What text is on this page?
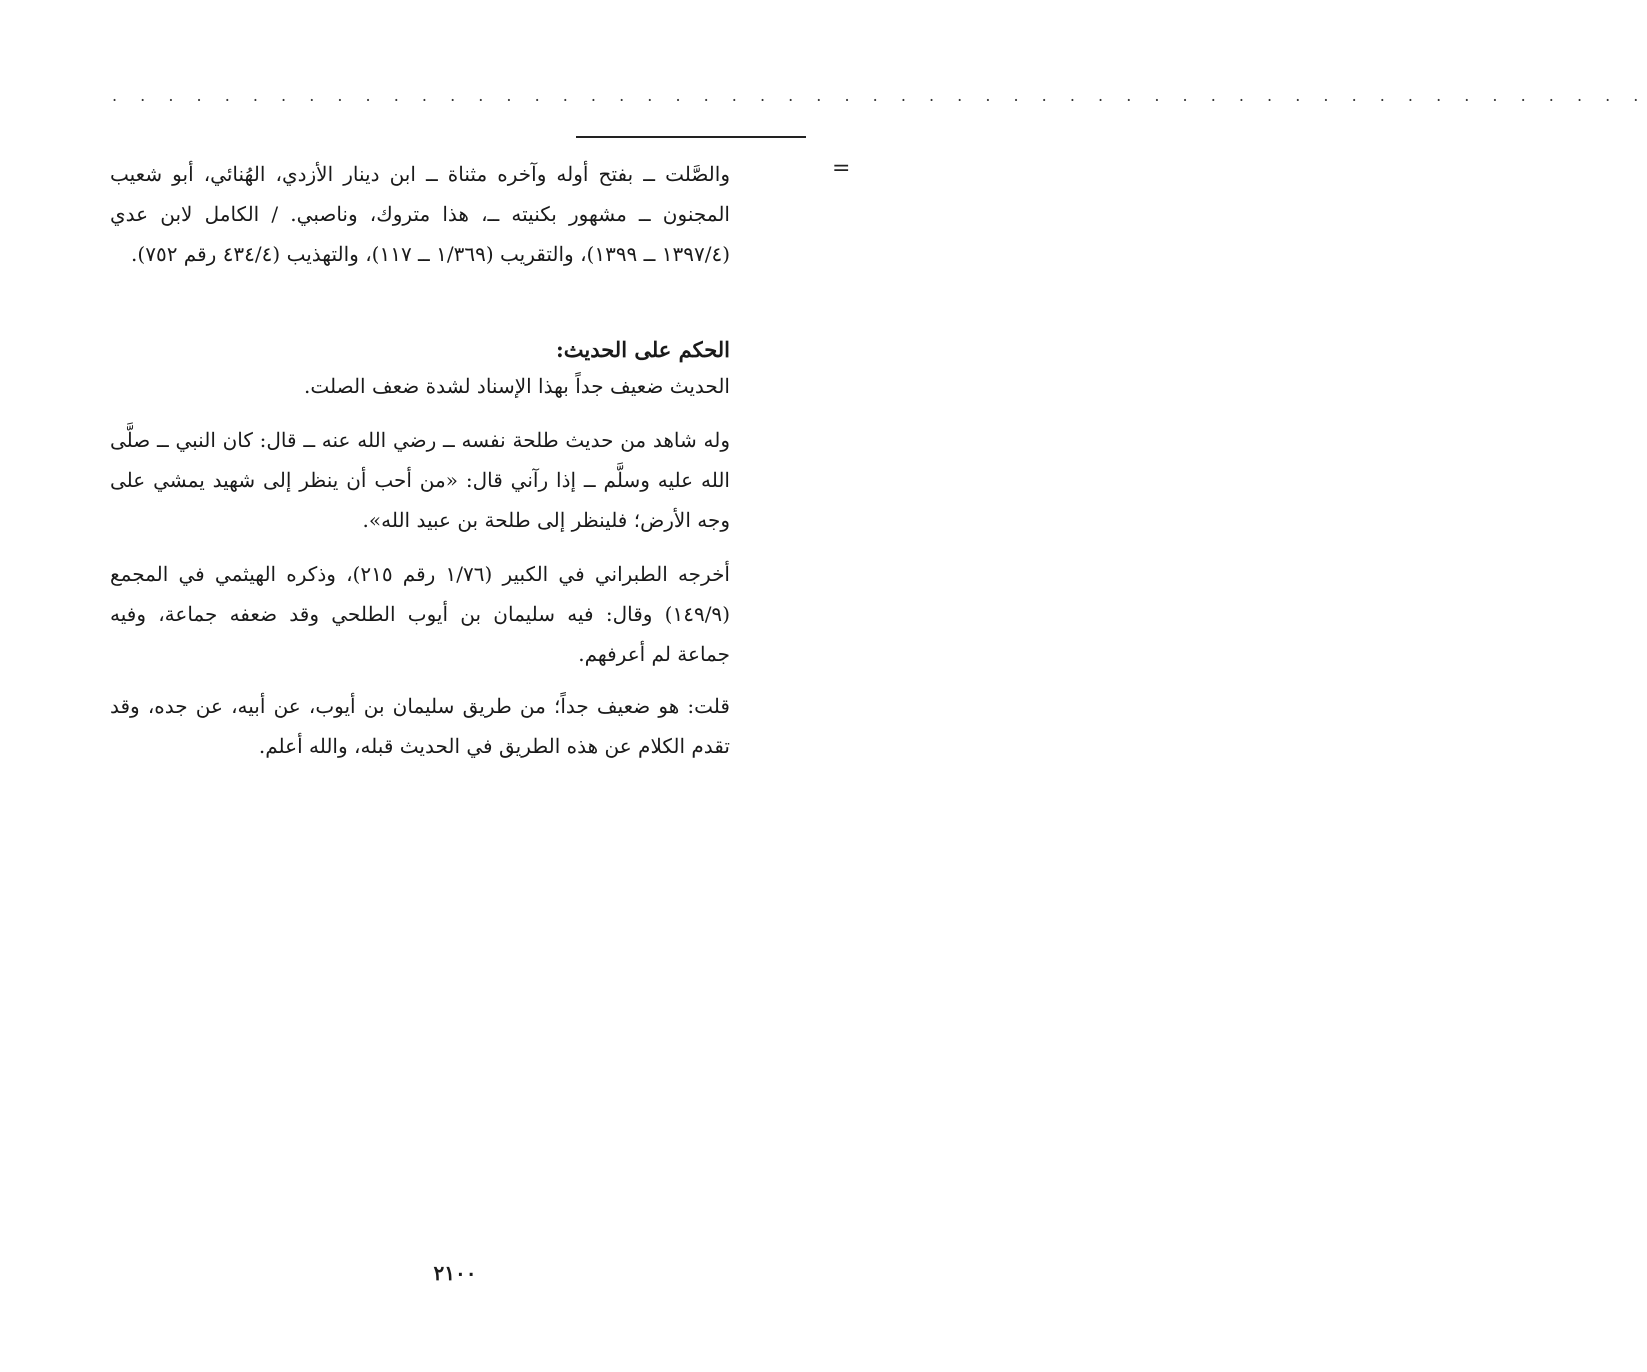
. . . . . . . . . . . . . . . . . . . . . . . . . . . . . . . . . . . . . . . . . . . . . . . . . . . . . . .
=

والصَّلت ــ بفتح أوله وآخره مثناة ــ ابن دينار الأزدي، الهُنائي، أبو شعيب المجنون ــ مشهور بكنيته ــ، هذا متروك، وناصبي. / الكامل لابن عدي (١٣٩٧/٤ ــ ١٣٩٩)، والتقريب (١/٣٦٩ ــ ١١٧)، والتهذيب (٤٣٤/٤ رقم ٧٥٢).

الحكم على الحديث:

الحديث ضعيف جداً بهذا الإسناد لشدة ضعف الصلت.

وله شاهد من حديث طلحة نفسه ــ رضي الله عنه ــ قال: كان النبي ــ صلَّى الله عليه وسلَّم ــ إذا رآني قال: «من أحب أن ينظر إلى شهيد يمشي على وجه الأرض؛ فلينظر إلى طلحة بن عبيد الله».

أخرجه الطبراني في الكبير (١/٧٦ رقم ٢١٥)، وذكره الهيثمي في المجمع (١٤٩/٩) وقال: فيه سليمان بن أيوب الطلحي وقد ضعفه جماعة، وفيه جماعة لم أعرفهم.

قلت: هو ضعيف جداً؛ من طريق سليمان بن أيوب، عن أبيه، عن جده، وقد تقدم الكلام عن هذه الطريق في الحديث قبله، والله أعلم.

٢١٠٠
